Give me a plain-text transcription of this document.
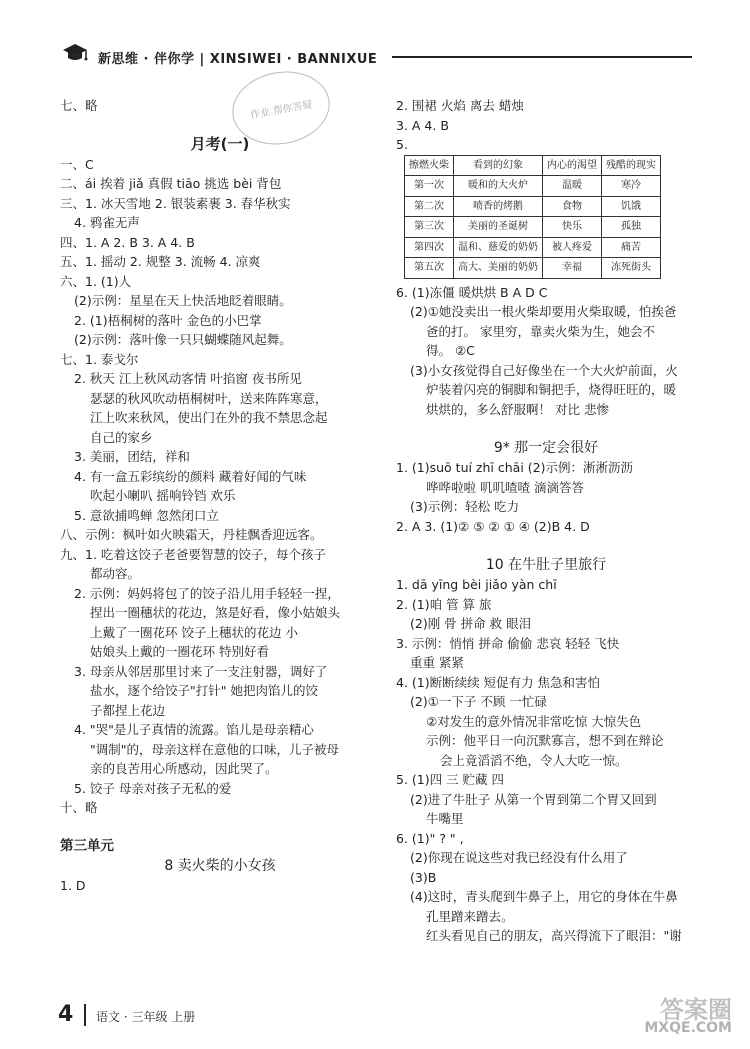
新思维 · 伴你学 | XINSIWEI · BANNIXUE
作业 帮你答疑
七、略
月考(一)
一、C
二、ái 挨着 jiǎ 真假 tiāo 挑选 bèi 背包
三、1. 冰天雪地 2. 银装素裹 3. 春华秋实
4. 鸦雀无声
四、1. A 2. B 3. A 4. B
五、1. 摇动 2. 规整 3. 流畅 4. 凉爽
六、1. (1)人
(2)示例：星星在天上快活地眨着眼睛。
2. (1)梧桐树的落叶 金色的小巴掌
(2)示例：落叶像一只只蝴蝶随风起舞。
七、1. 泰戈尔
2. 秋天 江上秋风动客情 叶掐窗 夜书所见
瑟瑟的秋风吹动梧桐树叶，送来阵阵寒意，
江上吹来秋风，使出门在外的我不禁思念起
自己的家乡
3. 美丽，团结，祥和
4. 有一盒五彩缤纷的颜料 藏着好闻的气味
吹起小喇叭 摇响铃铛 欢乐
5. 意欲捕鸣蝉 忽然闭口立
八、示例：枫叶如火映霜天，丹桂飘香迎远客。
九、1. 吃着这饺子老爸要智慧的饺子，每个孩子
都动容。
2. 示例：妈妈将包了的饺子沿儿用手轻轻一捏，
捏出一圈穗状的花边，煞是好看，像小姑娘头
上戴了一圈花环 饺子上穗状的花边 小
姑娘头上戴的一圈花环 特别好看
3. 母亲从邻居那里讨来了一支注射器，调好了
盐水，逐个给饺子"打针" 她把肉馅儿的饺
子都捏上花边
4. "哭"是儿子真情的流露。馅儿是母亲精心
"调制"的，母亲这样在意他的口味，儿子被母
亲的良苦用心所感动，因此哭了。
5. 饺子 母亲对孩子无私的爱
十、略
第三单元
8 卖火柴的小女孩
1. D
2. 围裙 火焰 离去 蜡烛
3. A 4. B
5.
擦燃火柴	看到的幻象	内心的渴望	残酷的现实
第一次	暖和的大火炉	温暖	寒冷
第二次	喷香的烤鹅	食物	饥饿
第三次	美丽的圣诞树	快乐	孤独
第四次	温和、慈爱的奶奶	被人疼爱	痛苦
第五次	高大、美丽的奶奶	幸福	冻死街头
6. (1)冻僵 暖烘烘 B A D C
(2)①她没卖出一根火柴却要用火柴取暖，怕挨爸
爸的打。 家里穷，靠卖火柴为生，她会不
得。 ②C
(3)小女孩觉得自己好像坐在一个大火炉前面，火
炉装着闪亮的铜脚和铜把手，烧得旺旺的，暖
烘烘的，多么舒服啊！ 对比 悲惨
9* 那一定会很好
1. (1)suō tuí zhī chāi (2)示例：淅淅沥沥
哗哗啦啦 叽叽喳喳 滴滴答答
(3)示例：轻松 吃力
2. A 3. (1)② ⑤ ② ① ④ (2)B 4. D
10 在牛肚子里旅行
1. dā yīng bèi jiǎo yàn chī
2. (1)咱 管 算 旅
(2)刚 骨 拼命 救 眼泪
3. 示例：悄悄 拼命 偷偷 悲哀 轻轻 飞快
重重 紧紧
4. (1)断断续续 短促有力 焦急和害怕
(2)①一下子 不顾 一忙碌
②对发生的意外情况非常吃惊 大惊失色
示例：他平日一向沉默寡言，想不到在辩论
会上竟滔滔不绝，令人大吃一惊。
5. (1)四 三 贮藏 四
(2)进了牛肚子 从第一个胃到第二个胃又回到
牛嘴里
6. (1)" ? " ,
(2)你现在说这些对我已经没有什么用了
(3)B
(4)这时，青头爬到牛鼻子上，用它的身体在牛鼻
孔里蹭来蹭去。
红头看见自己的朋友，高兴得流下了眼泪："谢
4 语文 · 三年级 上册	答案圈
MXQE.COM
